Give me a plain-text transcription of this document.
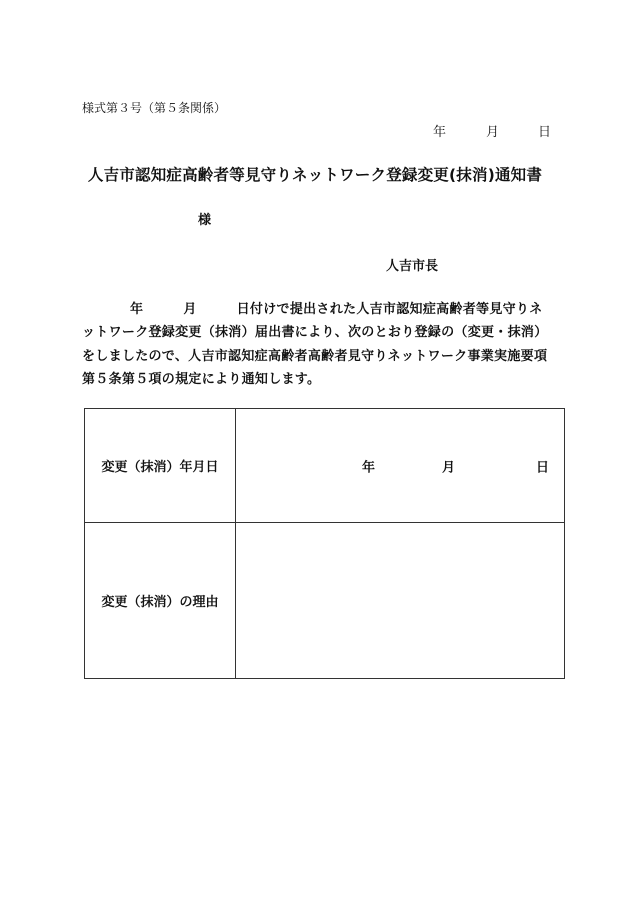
様式第３号（第５条関係）
年	月	日
人吉市認知症高齢者等見守りネットワーク登録変更(抹消)通知書
様
人吉市長
年	月	日付けで提出された人吉市認知症高齢者等見守りネ
ットワーク登録変更（抹消）届出書により、次のとおり登録の（変更・抹消）
をしましたので、人吉市認知症高齢者高齢者見守りネットワーク事業実施要項
第５条第５項の規定により通知します。
変更（抹消）年月日	年 月 日

変更（抹消）の理由	
